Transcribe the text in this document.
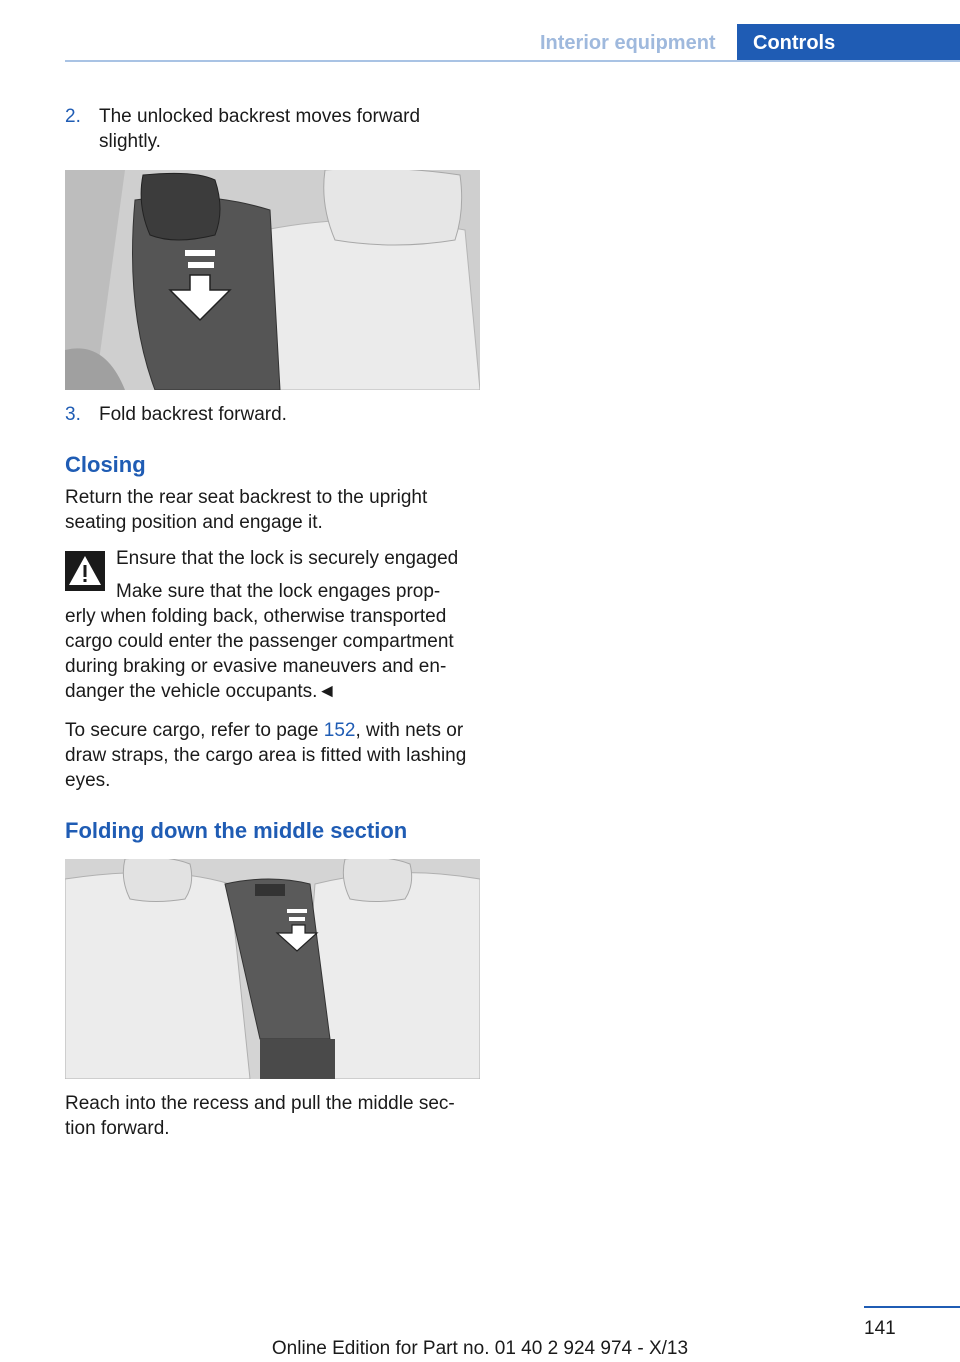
Interior equipment	Controls
2. The unlocked backrest moves forward slightly.
3. Fold backrest forward.
Closing

Return the rear seat backrest to the upright seating position and engage it.

Ensure that the lock is securely engaged

Make sure that the lock engages prop-

erly when folding back, otherwise transported cargo could enter the passenger compartment during braking or evasive maneuvers and en-danger the vehicle occupants.◄

To secure cargo, refer to page 152, with nets or draw straps, the cargo area is fitted with lashing eyes.

Folding down the middle section

Reach into the recess and pull the middle sec-tion forward.

141
Online Edition for Part no. 01 40 2 924 974 - X/13
